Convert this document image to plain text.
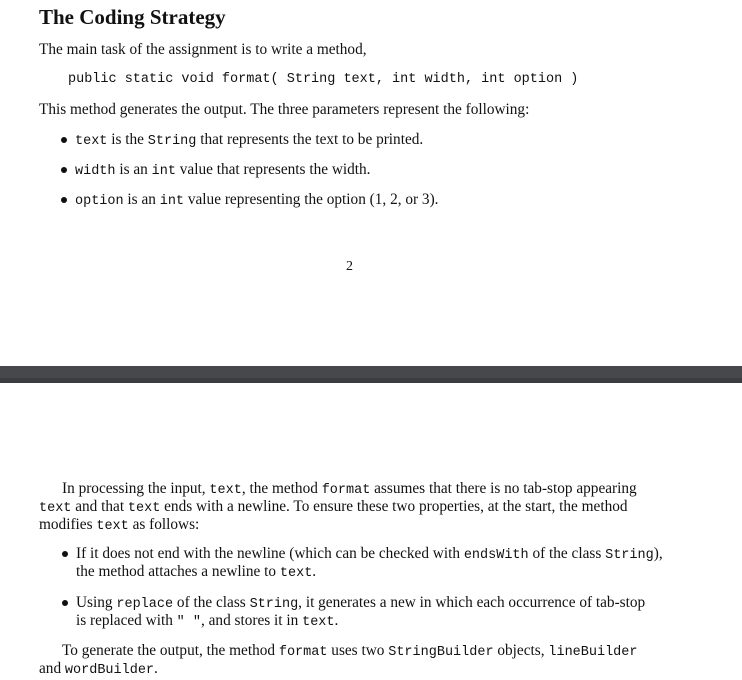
The Coding Strategy
The main task of the assignment is to write a method,
public static void format( String text, int width, int option )
This method generates the output. The three parameters represent the following:
text is the String that represents the text to be printed.
width is an int value that represents the width.
option is an int value representing the option (1, 2, or 3).
2
In processing the input, text, the method format assumes that there is no tab-stop appearing
text and that text ends with a newline. To ensure these two properties, at the start, the method
modifies text as follows:
If it does not end with the newline (which can be checked with endsWith of the class String),
the method attaches a newline to text.
Using replace of the class String, it generates a new in which each occurrence of tab-stop
is replaced with " ", and stores it in text.
To generate the output, the method format uses two StringBuilder objects, lineBuilder
and wordBuilder.
